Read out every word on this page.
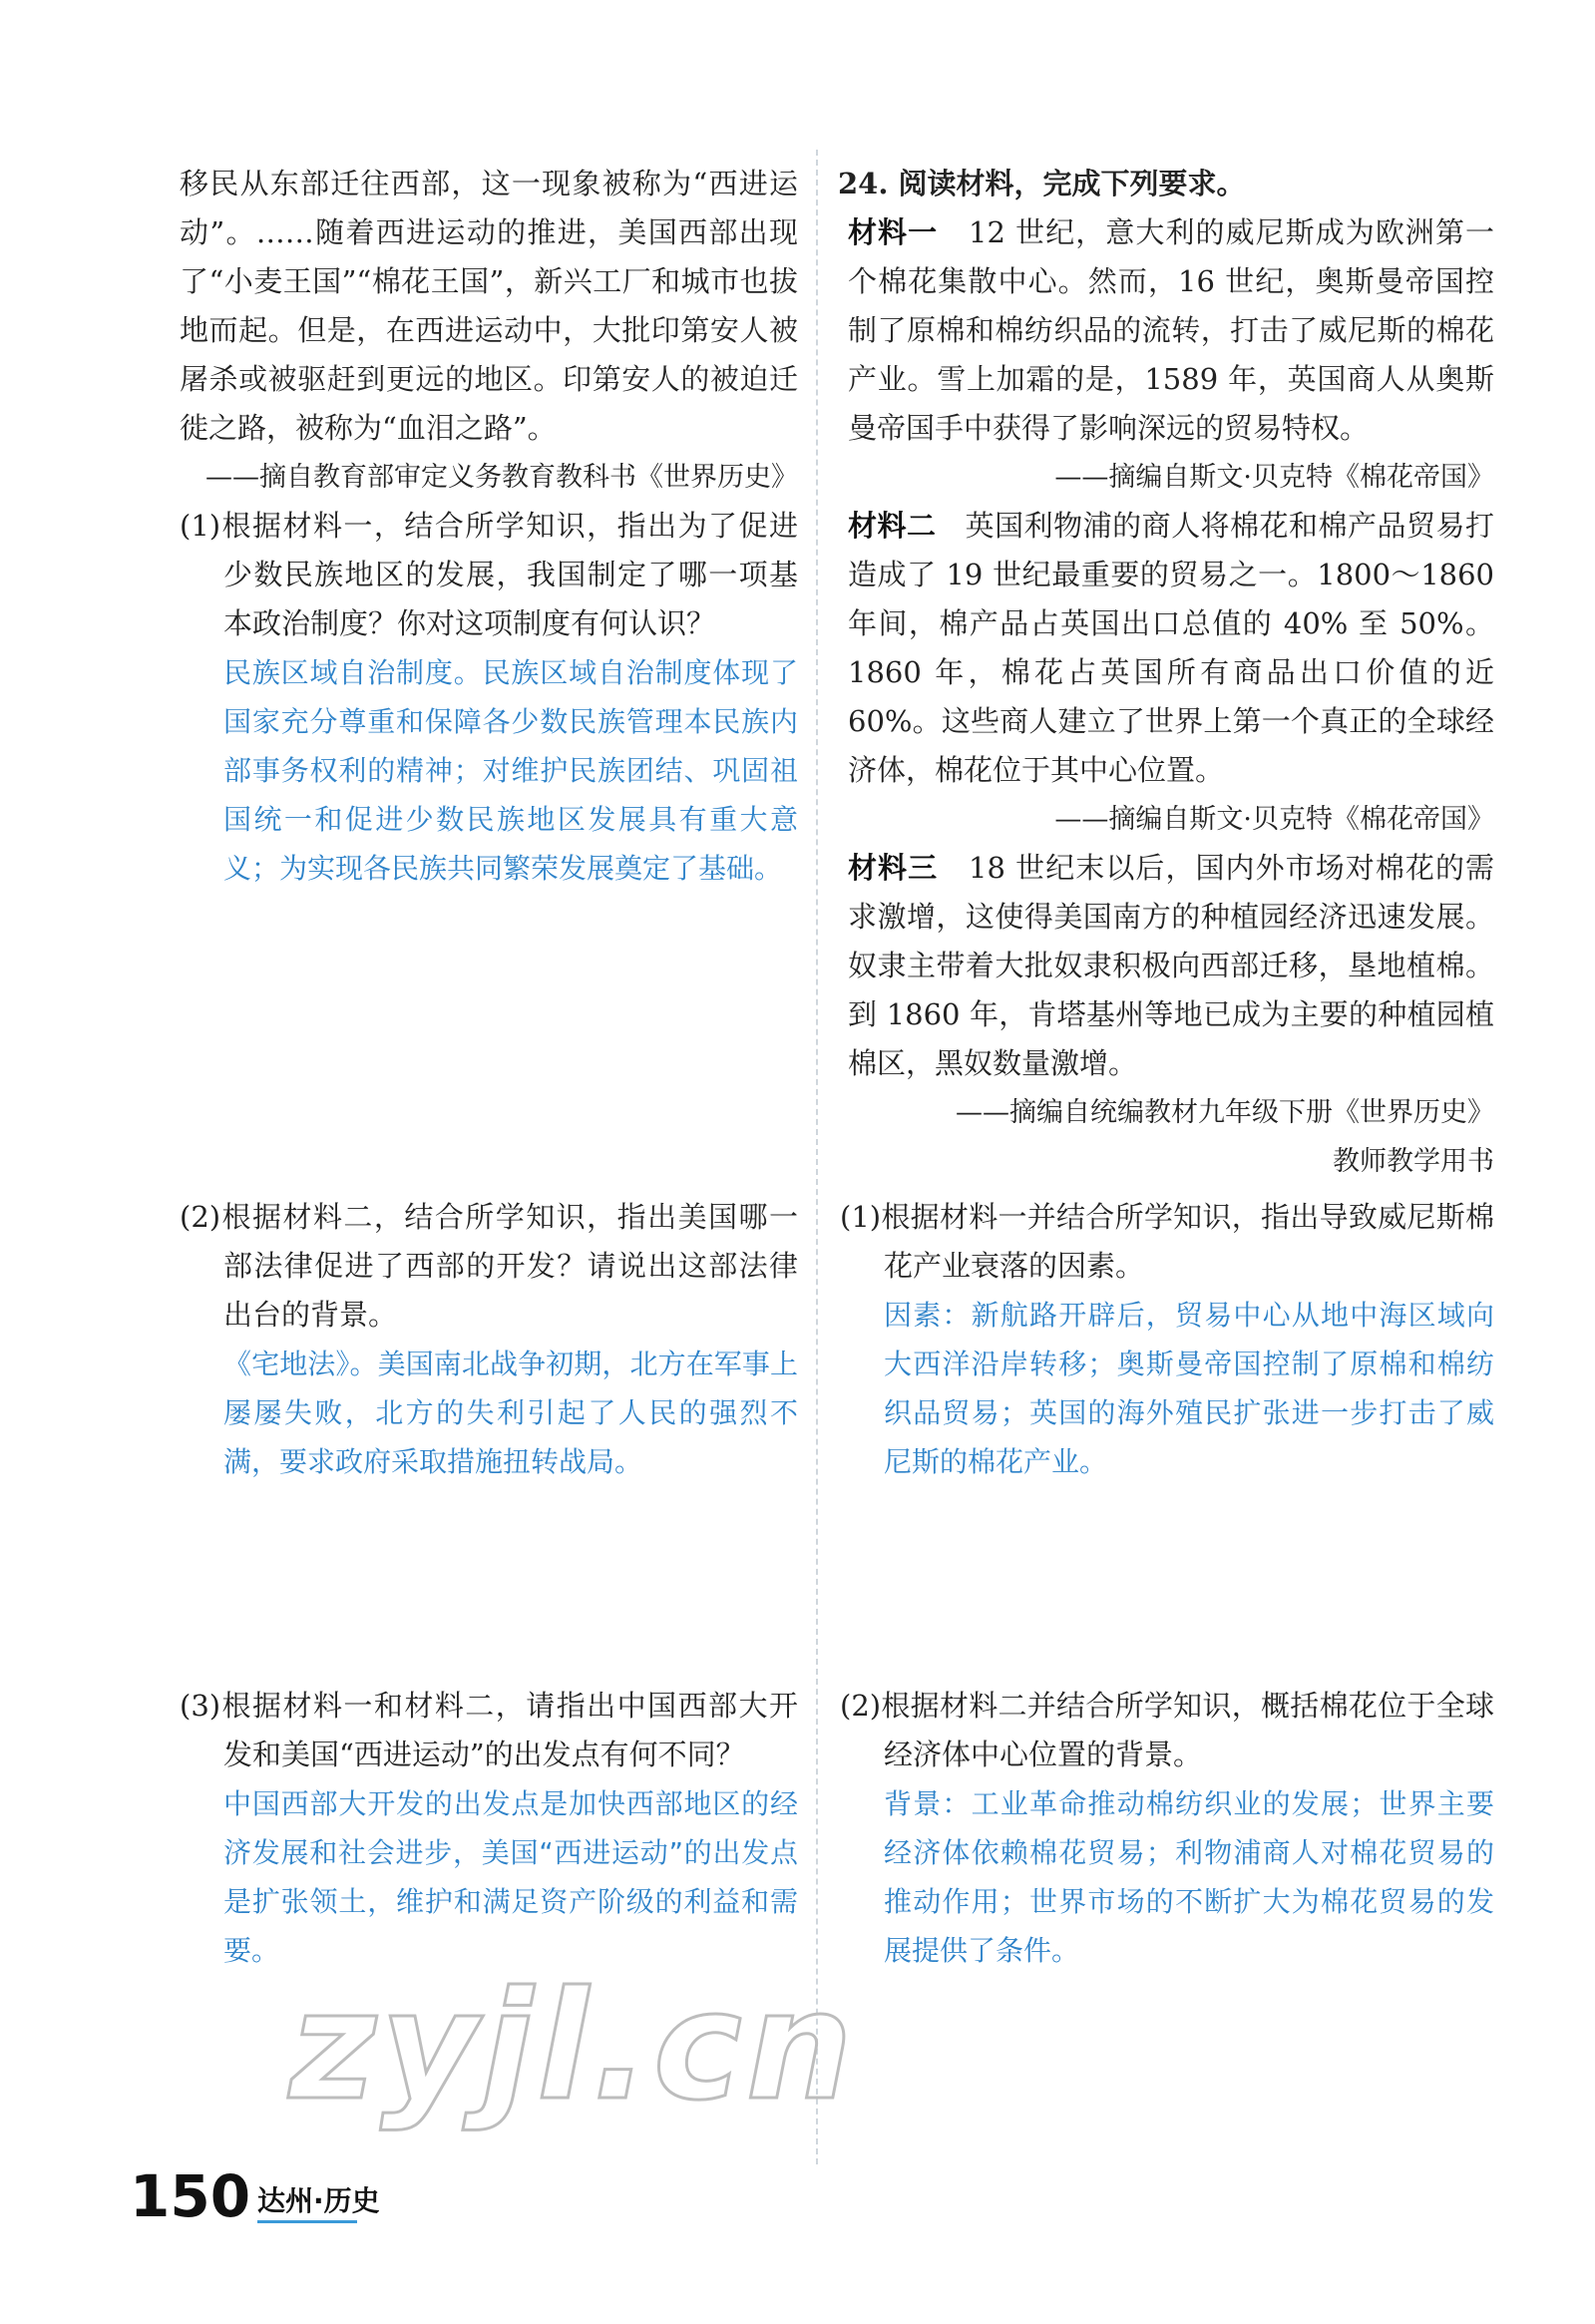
移民从东部迁往西部，这一现象被称为“西进运动”。……随着西进运动的推进，美国西部出现了“小麦王国”“棉花王国”，新兴工厂和城市也拔地而起。但是，在西进运动中，大批印第安人被屠杀或被驱赶到更远的地区。印第安人的被迫迁徙之路，被称为“血泪之路”。

——摘自教育部审定义务教育教科书《世界历史》

(1)根据材料一，结合所学知识，指出为了促进少数民族地区的发展，我国制定了哪一项基本政治制度？你对这项制度有何认识？

民族区域自治制度。民族区域自治制度体现了国家充分尊重和保障各少数民族管理本民族内部事务权利的精神；对维护民族团结、巩固祖国统一和促进少数民族地区发展具有重大意义；为实现各民族共同繁荣发展奠定了基础。

(2)根据材料二，结合所学知识，指出美国哪一部法律促进了西部的开发？请说出这部法律出台的背景。

《宅地法》。美国南北战争初期，北方在军事上屡屡失败，北方的失利引起了人民的强烈不满，要求政府采取措施扭转战局。

(3)根据材料一和材料二，请指出中国西部大开发和美国“西进运动”的出发点有何不同？

中国西部大开发的出发点是加快西部地区的经济发展和社会进步，美国“西进运动”的出发点是扩张领土，维护和满足资产阶级的利益和需要。

24. 阅读材料，完成下列要求。

材料一 12 世纪，意大利的威尼斯成为欧洲第一个棉花集散中心。然而，16 世纪，奥斯曼帝国控制了原棉和棉纺织品的流转，打击了威尼斯的棉花产业。雪上加霜的是，1589 年，英国商人从奥斯曼帝国手中获得了影响深远的贸易特权。

——摘编自斯文·贝克特《棉花帝国》

材料二 英国利物浦的商人将棉花和棉产品贸易打造成了 19 世纪最重要的贸易之一。1800～1860 年间，棉产品占英国出口总值的 40% 至 50%。1860 年，棉花占英国所有商品出口价值的近 60%。这些商人建立了世界上第一个真正的全球经济体，棉花位于其中心位置。

——摘编自斯文·贝克特《棉花帝国》

材料三 18 世纪末以后，国内外市场对棉花的需求激增，这使得美国南方的种植园经济迅速发展。奴隶主带着大批奴隶积极向西部迁移，垦地植棉。到 1860 年，肯塔基州等地已成为主要的种植园植棉区，黑奴数量激增。

——摘编自统编教材九年级下册《世界历史》

教师教学用书

(1)根据材料一并结合所学知识，指出导致威尼斯棉花产业衰落的因素。

因素：新航路开辟后，贸易中心从地中海区域向大西洋沿岸转移；奥斯曼帝国控制了原棉和棉纺织品贸易；英国的海外殖民扩张进一步打击了威尼斯的棉花产业。

(2)根据材料二并结合所学知识，概括棉花位于全球经济体中心位置的背景。

背景：工业革命推动棉纺织业的发展；世界主要经济体依赖棉花贸易；利物浦商人对棉花贸易的推动作用；世界市场的不断扩大为棉花贸易的发展提供了条件。

zyjl.cn
150 达州·历史
